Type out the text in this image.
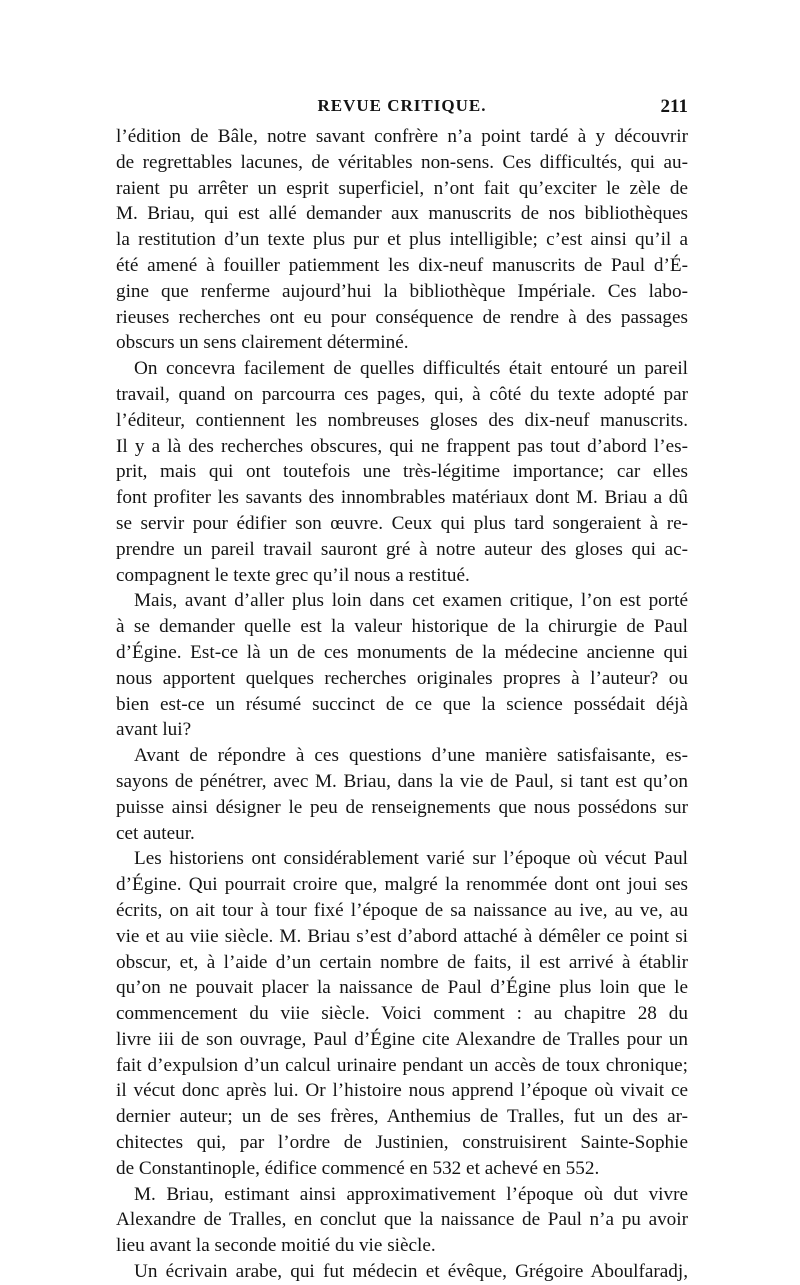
REVUE CRITIQUE.	211
l’édition de Bâle, notre savant confrère n’a point tardé à y découvrir
de regrettables lacunes, de véritables non-sens. Ces difficultés, qui au-
raient pu arrêter un esprit superficiel, n’ont fait qu’exciter le zèle de
M. Briau, qui est allé demander aux manuscrits de nos bibliothèques
la restitution d’un texte plus pur et plus intelligible; c’est ainsi qu’il a
été amené à fouiller patiemment les dix-neuf manuscrits de Paul d’É-
gine que renferme aujourd’hui la bibliothèque Impériale. Ces labo-
rieuses recherches ont eu pour conséquence de rendre à des passages
obscurs un sens clairement déterminé.
On concevra facilement de quelles difficultés était entouré un pareil
travail, quand on parcourra ces pages, qui, à côté du texte adopté par
l’éditeur, contiennent les nombreuses gloses des dix-neuf manuscrits.
Il y a là des recherches obscures, qui ne frappent pas tout d’abord l’es-
prit, mais qui ont toutefois une très-légitime importance; car elles
font profiter les savants des innombrables matériaux dont M. Briau a dû
se servir pour édifier son œuvre. Ceux qui plus tard songeraient à re-
prendre un pareil travail sauront gré à notre auteur des gloses qui ac-
compagnent le texte grec qu’il nous a restitué.
Mais, avant d’aller plus loin dans cet examen critique, l’on est porté
à se demander quelle est la valeur historique de la chirurgie de Paul
d’Égine. Est-ce là un de ces monuments de la médecine ancienne qui
nous apportent quelques recherches originales propres à l’auteur? ou
bien est-ce un résumé succinct de ce que la science possédait déjà
avant lui?
Avant de répondre à ces questions d’une manière satisfaisante, es-
sayons de pénétrer, avec M. Briau, dans la vie de Paul, si tant est qu’on
puisse ainsi désigner le peu de renseignements que nous possédons sur
cet auteur.
Les historiens ont considérablement varié sur l’époque où vécut Paul
d’Égine. Qui pourrait croire que, malgré la renommée dont ont joui ses
écrits, on ait tour à tour fixé l’époque de sa naissance au ive, au ve, au
vie et au viie siècle. M. Briau s’est d’abord attaché à démêler ce point si
obscur, et, à l’aide d’un certain nombre de faits, il est arrivé à établir
qu’on ne pouvait placer la naissance de Paul d’Égine plus loin que le
commencement du viie siècle. Voici comment : au chapitre 28 du
livre iii de son ouvrage, Paul d’Égine cite Alexandre de Tralles pour un
fait d’expulsion d’un calcul urinaire pendant un accès de toux chronique;
il vécut donc après lui. Or l’histoire nous apprend l’époque où vivait ce
dernier auteur; un de ses frères, Anthemius de Tralles, fut un des ar-
chitectes qui, par l’ordre de Justinien, construisirent Sainte-Sophie
de Constantinople, édifice commencé en 532 et achevé en 552.
M. Briau, estimant ainsi approximativement l’époque où dut vivre
Alexandre de Tralles, en conclut que la naissance de Paul n’a pu avoir
lieu avant la seconde moitié du vie siècle.
Un écrivain arabe, qui fut médecin et évêque, Grégoire Aboulfaradj,
